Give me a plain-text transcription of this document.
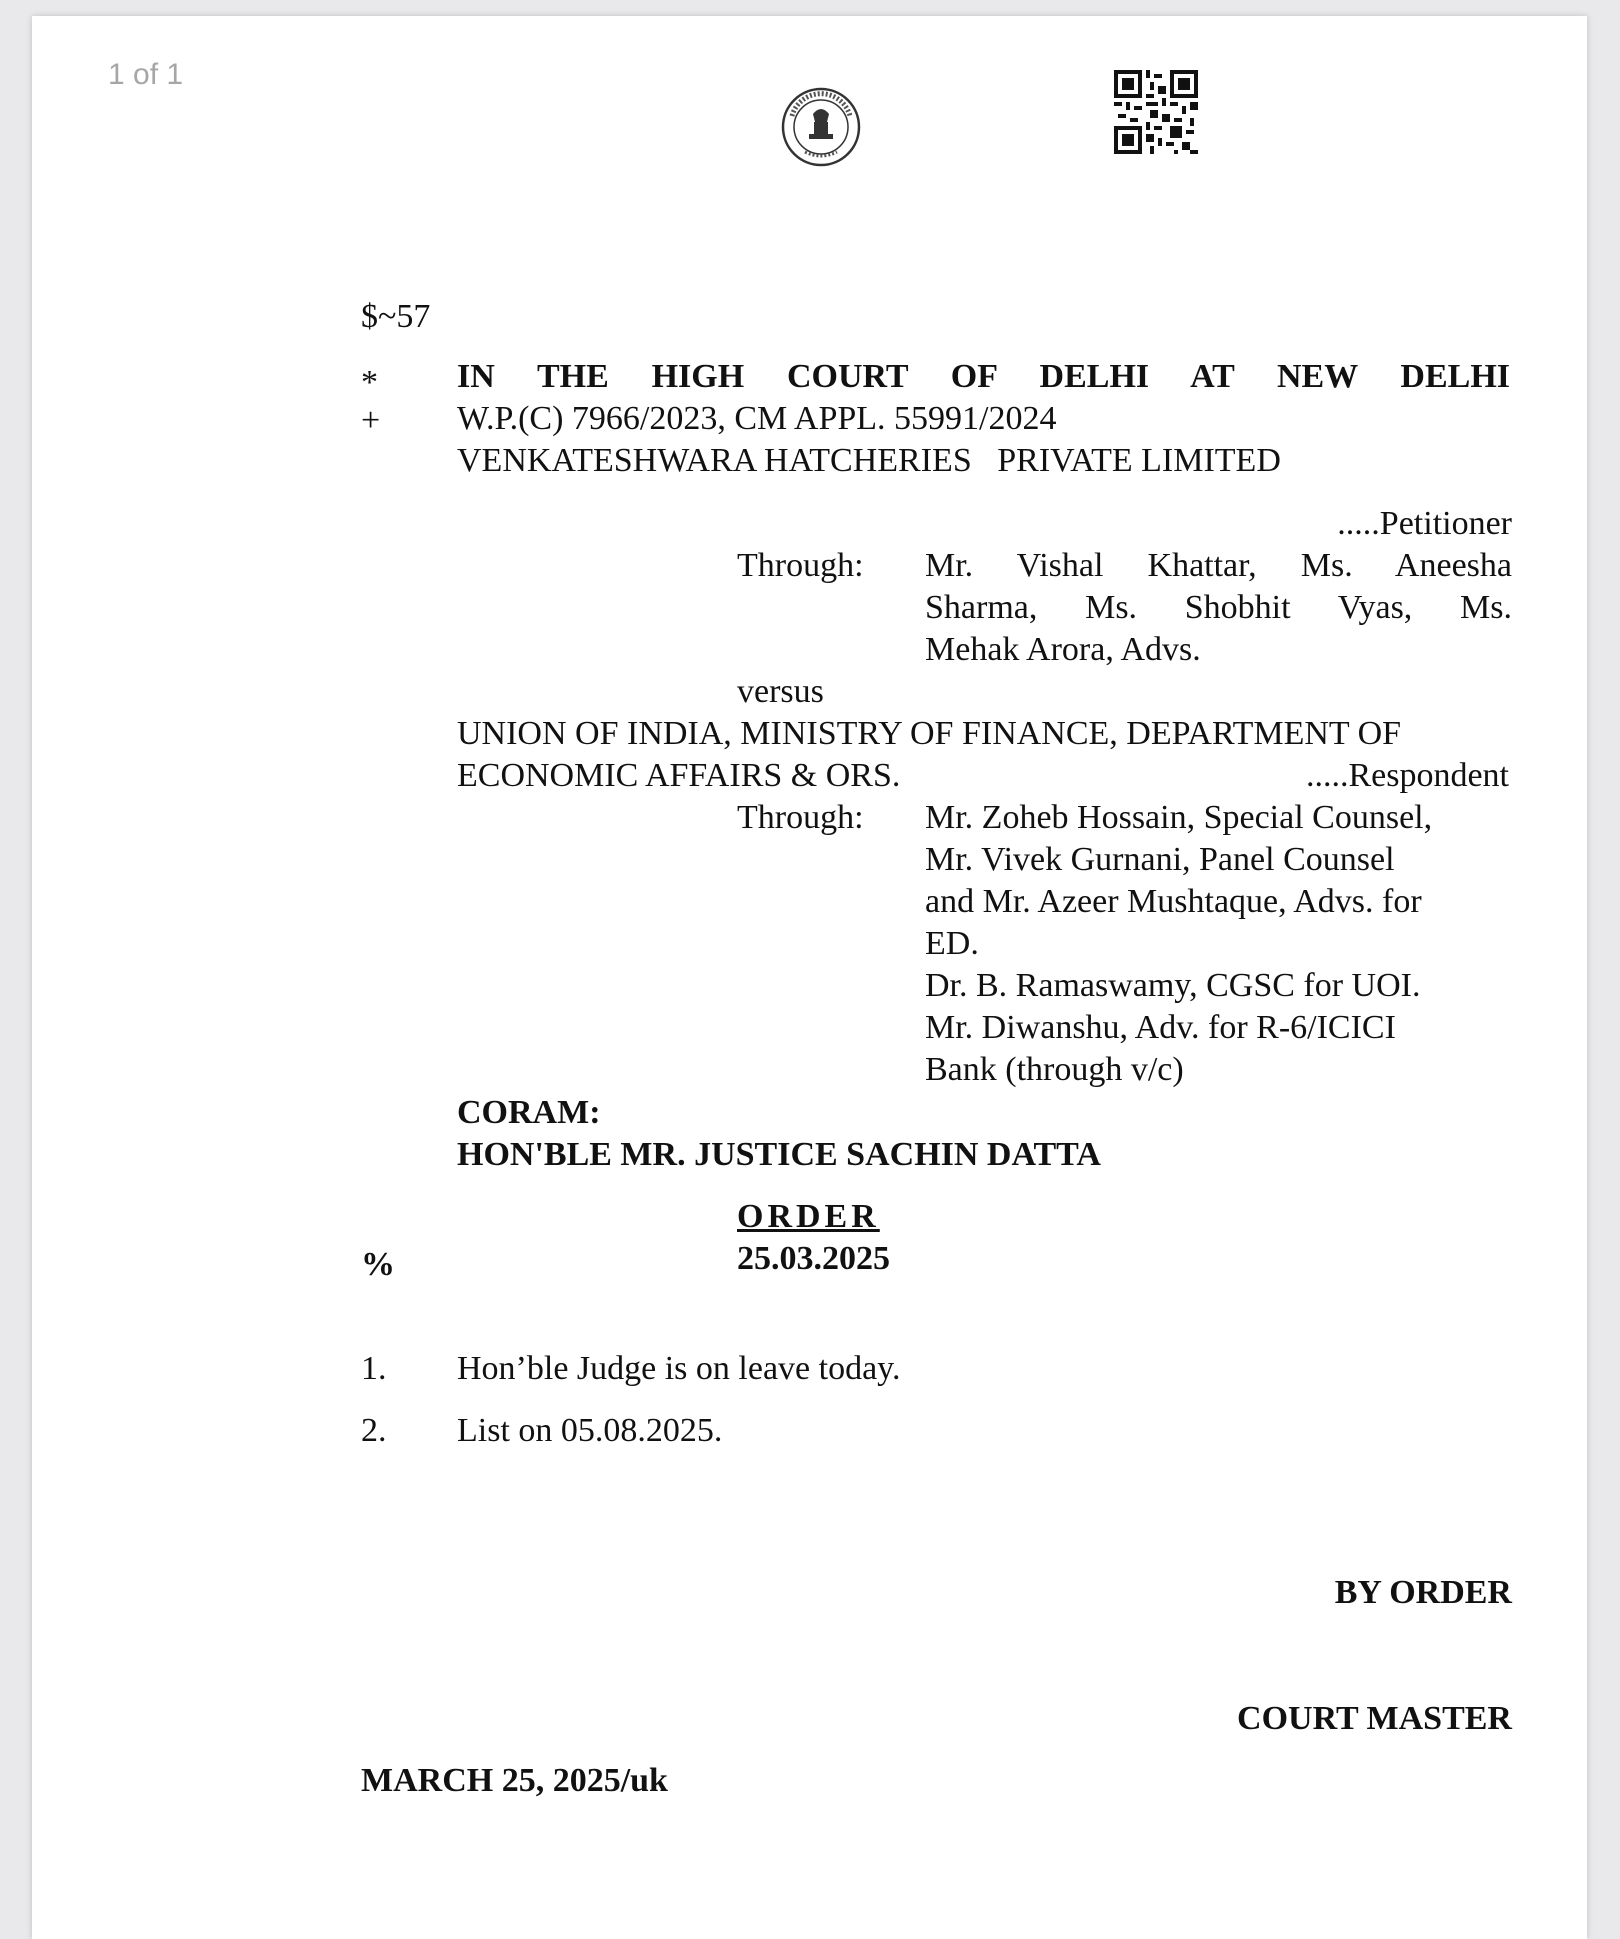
1 of 1
$~57
* IN THE HIGH COURT OF DELHI AT NEW DELHI
+ W.P.(C) 7966/2023, CM APPL. 55991/2024
VENKATESHWARA HATCHERIES   PRIVATE LIMITED
.....Petitioner
Through: Mr. Vishal Khattar, Ms. Aneesha
Sharma, Ms. Shobhit Vyas, Ms.
Mehak Arora, Advs.
versus
UNION OF INDIA, MINISTRY OF FINANCE, DEPARTMENT OF
ECONOMIC AFFAIRS & ORS.	.....Respondent
Through: Mr. Zoheb Hossain, Special Counsel,
Mr. Vivek Gurnani, Panel Counsel
and Mr. Azeer Mushtaque, Advs. for
ED.
Dr. B. Ramaswamy, CGSC for UOI.
Mr. Diwanshu, Adv. for R-6/ICICI
Bank (through v/c)
CORAM:
HON'BLE MR. JUSTICE SACHIN DATTA
ORDER
%	25.03.2025
1. Hon’ble Judge is on leave today.
2. List on 05.08.2025.
BY ORDER
COURT MASTER
MARCH 25, 2025/uk
